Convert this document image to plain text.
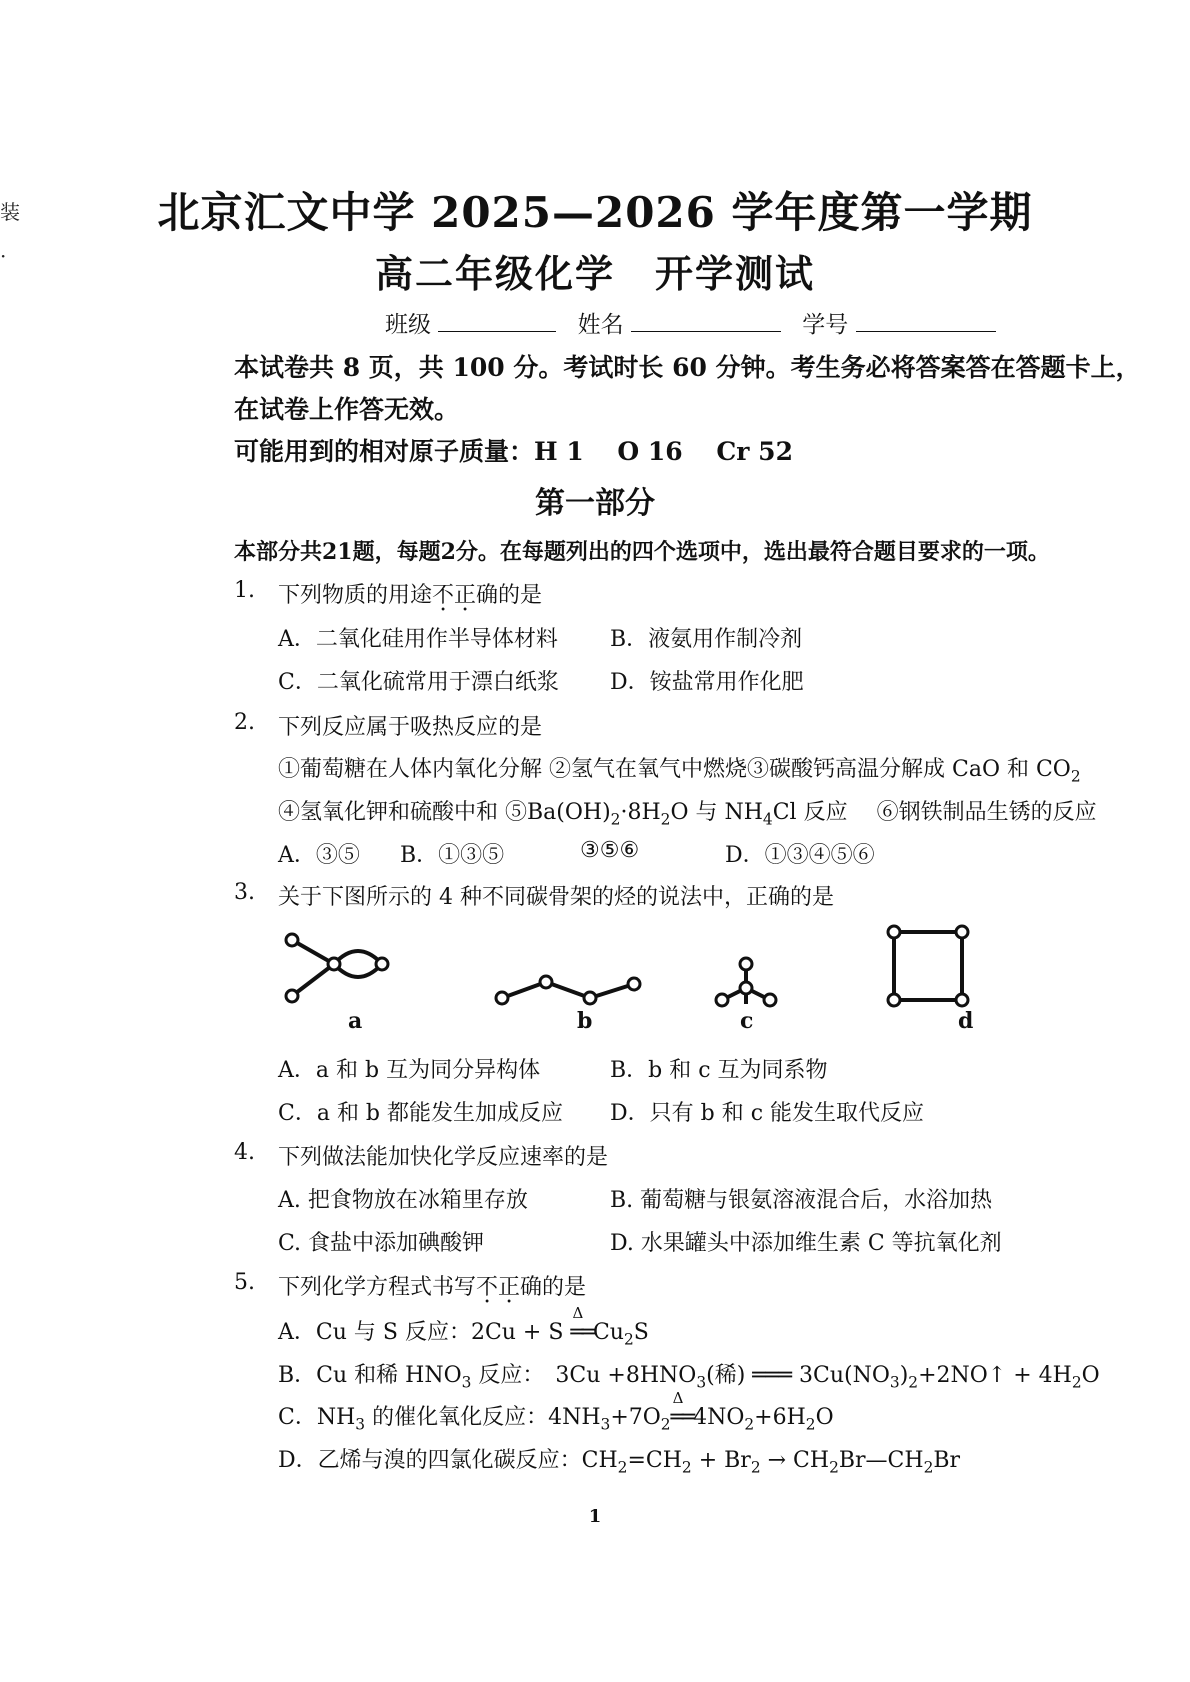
装
·
北京汇文中学 2025—2026 学年度第一学期
高二年级化学　开学测试
班级	姓名	学号
本试卷共 8 页，共 100 分。考试时长 60 分钟。考生务必将答案答在答题卡上，
在试卷上作答无效。
可能用到的相对原子质量：H 1　 O 16　 Cr 52
第一部分
本部分共21题，每题2分。在每题列出的四个选项中，选出最符合题目要求的一项。
1. 下列物质的用途不正确的是
A．二氧化硅用作半导体材料 B．液氨用作制冷剂
C．二氧化硫常用于漂白纸浆 D．铵盐常用作化肥
2. 下列反应属于吸热反应的是
①葡萄糖在人体内氧化分解 ②氢气在氧气中燃烧③碳酸钙高温分解成 CaO 和 $CO_2$
④氢氧化钾和硫酸中和 $⑤Ba(OH)_2\cdot 8H_2O$ 与 $NH_4Cl$ 反应　 ⑥钢铁制品生锈的反应
A．③⑤ B．①③⑤	③⑤⑥	D．①③④⑤⑥
3. 关于下图所示的 4 种不同碳骨架的烃的说法中，正确的是
a	b	c	d
A．a 和 b 互为同分异构体	B．b 和 c 互为同系物
C．a 和 b 都能发生加成反应 D．只有 b 和 c 能发生取代反应
4. 下列做法能加快化学反应速率的是
A. 把食物放在冰箱里存放	B. 葡萄糖与银氨溶液混合后，水浴加热
C. 食盐中添加碘酸钾	D. 水果罐头中添加维生素 C 等抗氧化剂
5. 下列化学方程式书写不正确的是
A．Cu 与 S 反应：2Cu + S
Δ
$══Cu_2S$
B．Cu 和稀 $HNO_3$ 反应：　$3Cu +8HNO_3$(稀) ═══ $3Cu(NO_3)_2+2NO↑ + 4H_2O$
C．$NH_3$ 的催化氧化反应：$4NH_3+7O_2$
Δ
$══4NO_2+6H_2O$
D．乙烯与溴的四氯化碳反应：$CH_2=CH_2 + Br_2$ → $CH_2Br—CH_2Br$
1
